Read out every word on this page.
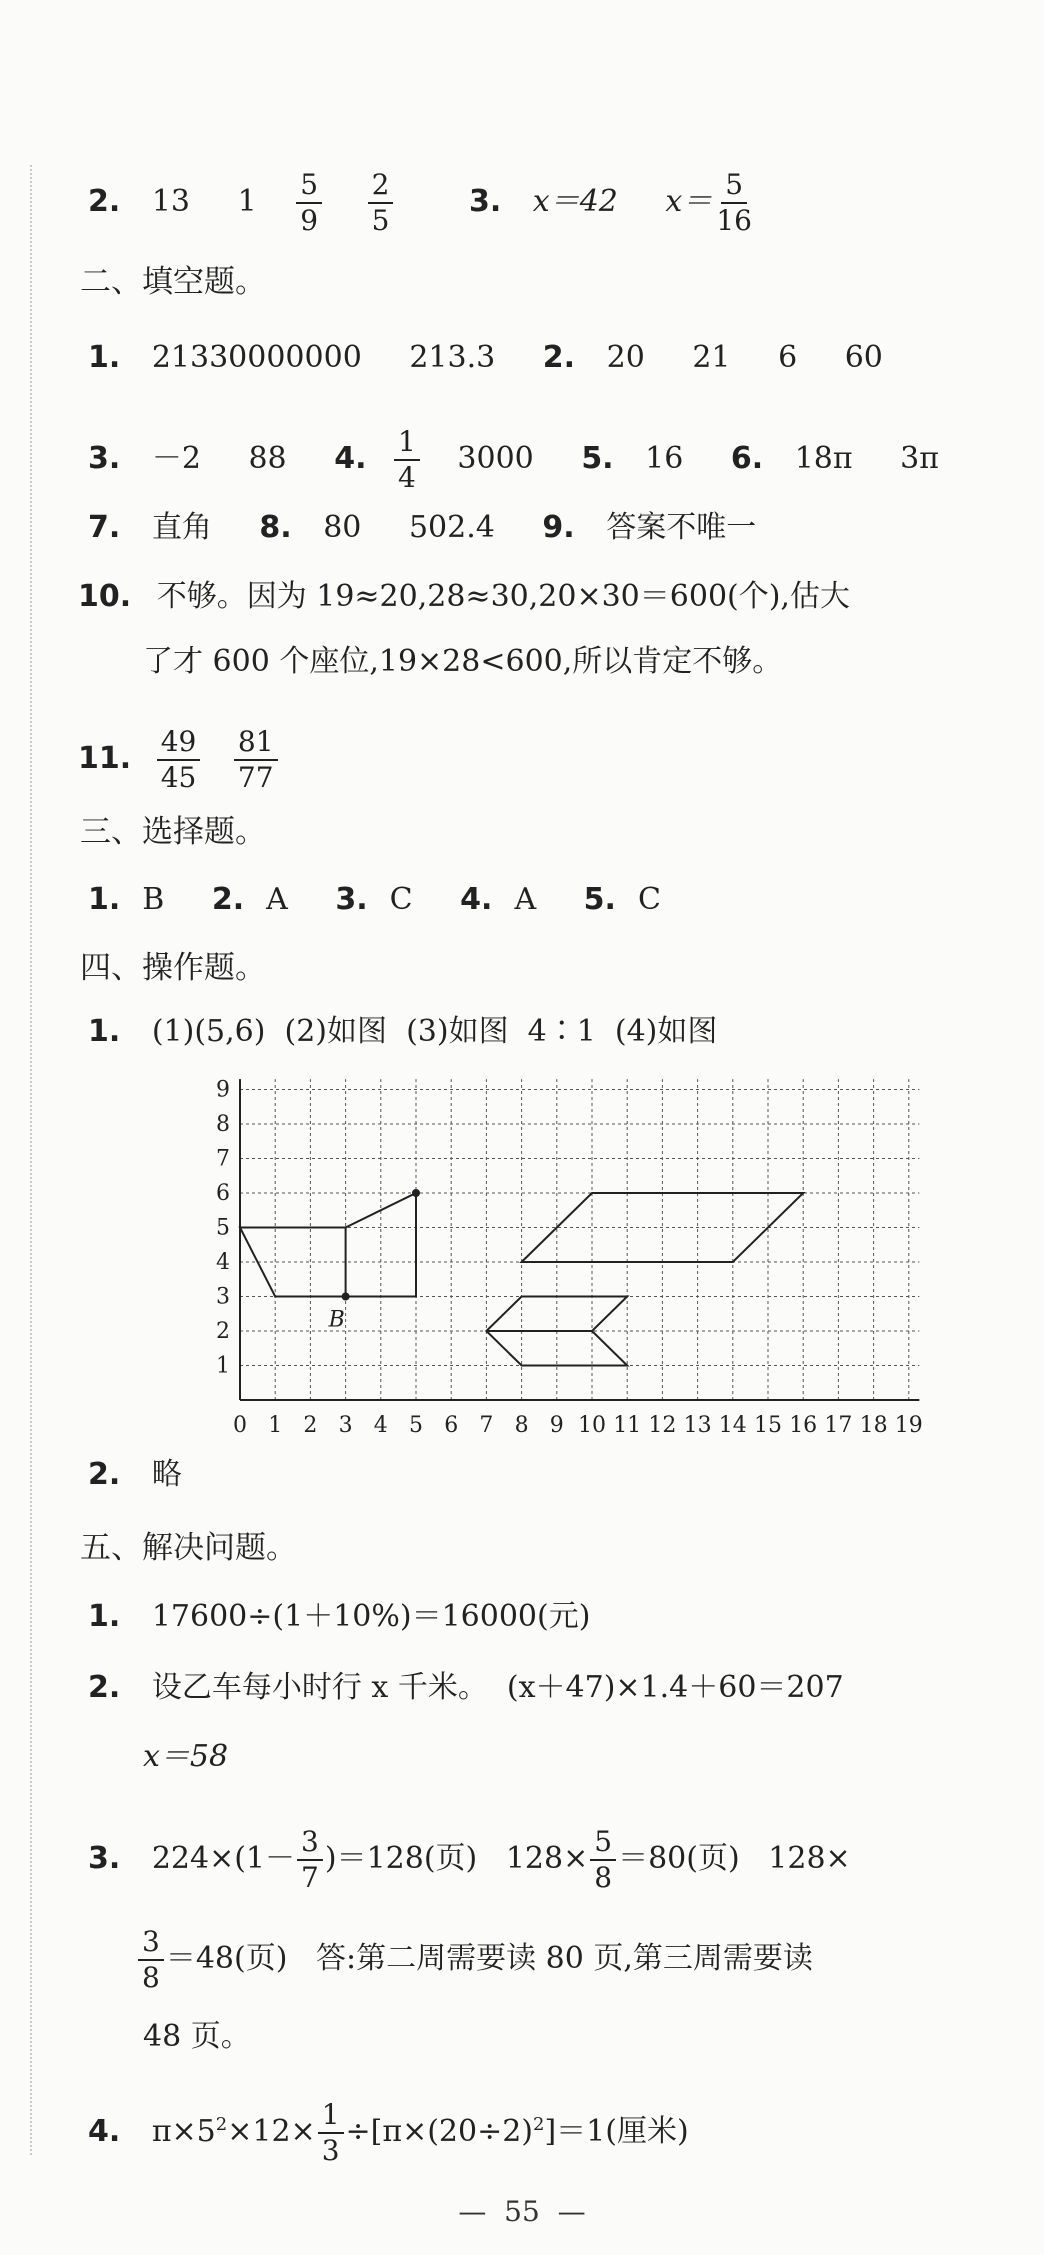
2. 13 $1 \frac{5}{9}$
$\frac{2}{5}$	3. x＝42 $x= \frac{5}{16}$
二、填空题。
1. 21330000000 213.3 2. 20 21 6 60
3. －2 88 4. $\frac{1}{4} 3000$ 5. 16 6. 18π 3π
7. 直角 8. 80 502.4 9. 答案不唯一
10. 不够。因为 19≈20,28≈30,20×30＝600(个),估大
了才 600 个座位,19×28<600,所以肯定不够。
11. $\frac{49}{45}$
$\frac{81}{77}$
三、选择题。
1. B 2. A 3. C 4. A 5. C
四、操作题。
1. (1)(5,6)  (2)如图  (3)如图  4∶1  (4)如图
0 1 2 3 4 5 6 7 8 9 10 11 12 13 14 15 16 17 18 19
1
2
3
4
5
6
7
8
9
B
2. 略
五、解决问题。
1. 17600÷(1＋10%)＝16000(元)
2. 设乙车每小时行 x 千米。  (x＋47)×1.4＋60＝207
x＝58
3. $224\times(1- \frac{3}{7} )=128$(页)   $128\times \frac{5}{8} =80$(页)   128×
$\frac{3}{8} =48$(页)   答:第二周需要读 80 页,第三周需要读
48 页。
4. $\pi\times 5^2\times 12\times \frac{1}{3} \div[\pi\times(20\div 2)^2]=1$(厘米)
— 55 —
